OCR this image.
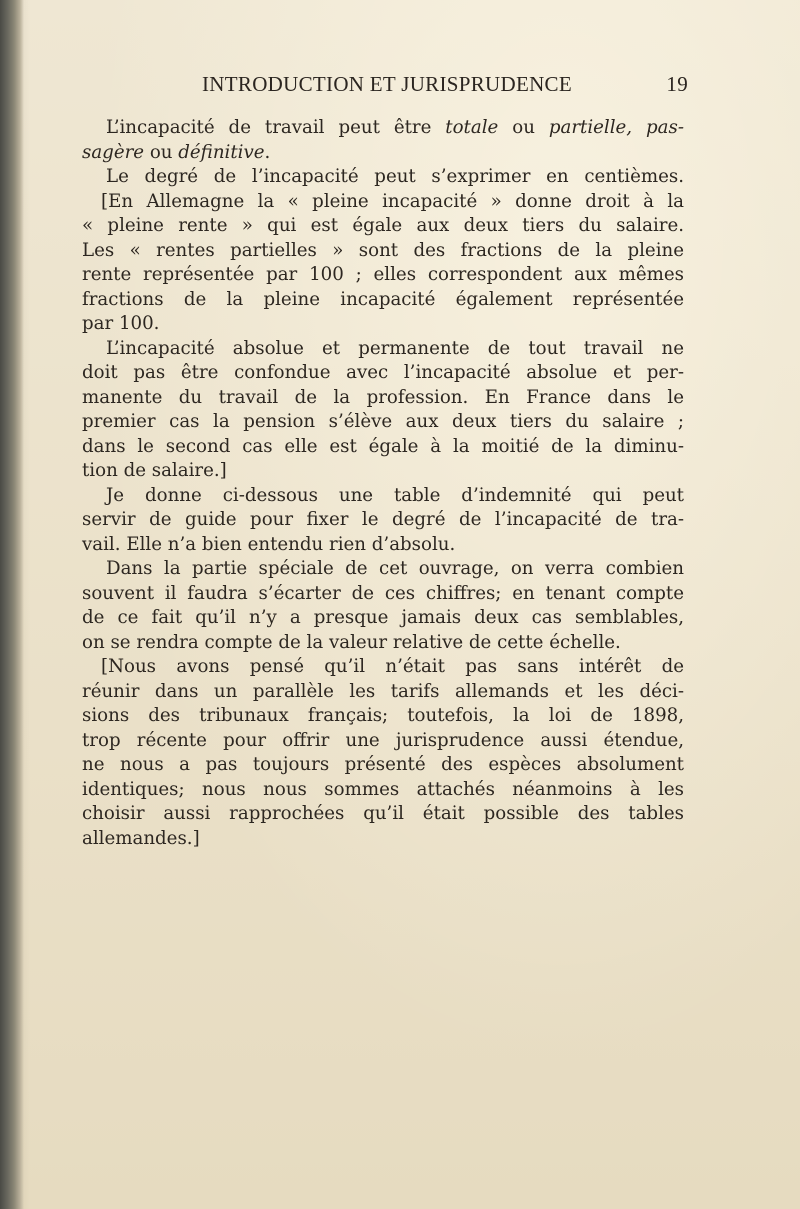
INTRODUCTION ET JURISPRUDENCE	19
L’incapacité de travail peut être totale ou partielle, pas-
sagère ou définitive.
Le degré de l’incapacité peut s’exprimer en centièmes.
[En Allemagne la « pleine incapacité » donne droit à la
« pleine rente » qui est égale aux deux tiers du salaire.
Les « rentes partielles » sont des fractions de la pleine
rente représentée par 100 ; elles correspondent aux mêmes
fractions de la pleine incapacité également représentée
par 100.
L’incapacité absolue et permanente de tout travail ne
doit pas être confondue avec l’incapacité absolue et per-
manente du travail de la profession. En France dans le
premier cas la pension s’élève aux deux tiers du salaire ;
dans le second cas elle est égale à la moitié de la diminu-
tion de salaire.]
Je donne ci-dessous une table d’indemnité qui peut
servir de guide pour fixer le degré de l’incapacité de tra-
vail. Elle n’a bien entendu rien d’absolu.
Dans la partie spéciale de cet ouvrage, on verra combien
souvent il faudra s’écarter de ces chiffres; en tenant compte
de ce fait qu’il n’y a presque jamais deux cas semblables,
on se rendra compte de la valeur relative de cette échelle.
[Nous avons pensé qu’il n’était pas sans intérêt de
réunir dans un parallèle les tarifs allemands et les déci-
sions des tribunaux français; toutefois, la loi de 1898,
trop récente pour offrir une jurisprudence aussi étendue,
ne nous a pas toujours présenté des espèces absolument
identiques; nous nous sommes attachés néanmoins à les
choisir aussi rapprochées qu’il était possible des tables
allemandes.]
